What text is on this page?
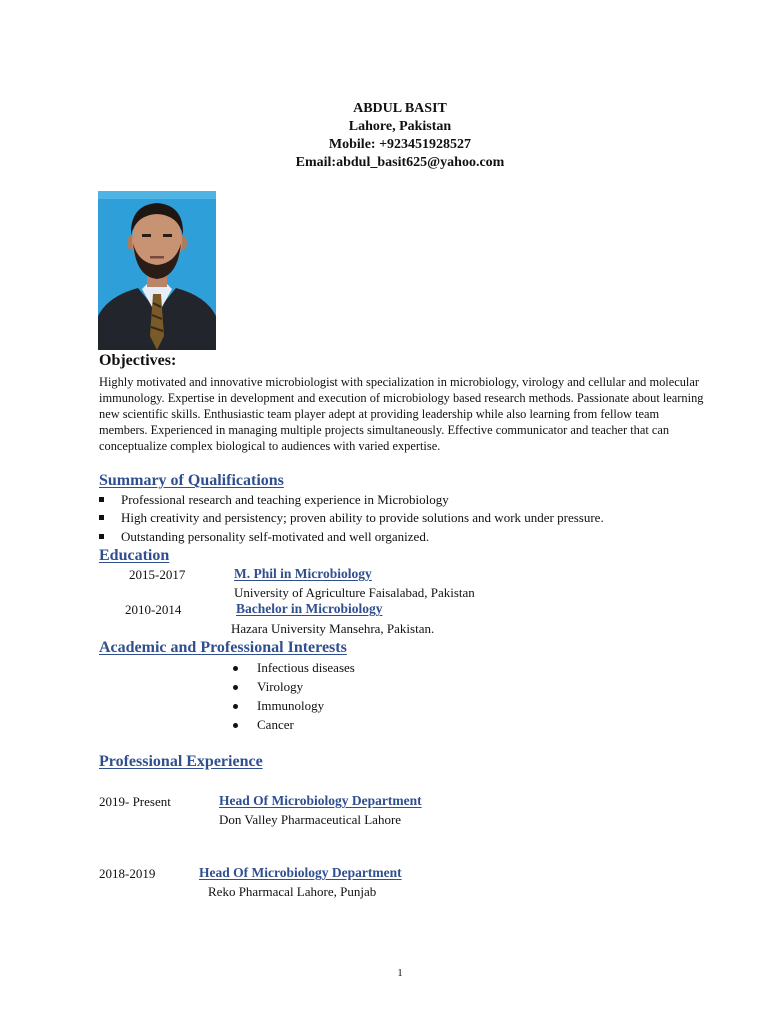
ABDUL BASIT
Lahore, Pakistan
Mobile: +923451928527
Email:abdul_basit625@yahoo.com
Objectives:
Highly motivated and innovative microbiologist with specialization in microbiology, virology and cellular and molecular immunology. Expertise in development and execution of microbiology based research methods. Passionate about learning new scientific skills. Enthusiastic team player adept at providing leadership while also learning from fellow team members. Experienced in managing multiple projects simultaneously. Effective communicator and teacher that can conceptualize complex biological to audiences with varied expertise.
Summary of Qualifications
Professional research and teaching experience in Microbiology
High creativity and persistency; proven ability to provide solutions and work under pressure.
Outstanding personality self-motivated and well organized.
Education
2015-2017	M. Phil in Microbiology
University of Agriculture Faisalabad, Pakistan
2010-2014	Bachelor in Microbiology
Hazara University Mansehra, Pakistan.
Academic and Professional Interests
Infectious diseases
Virology
Immunology
Cancer
Professional Experience
2019- Present	Head Of Microbiology Department
Don Valley Pharmaceutical Lahore
2018-2019	Head Of Microbiology Department
Reko Pharmacal Lahore, Punjab
1
